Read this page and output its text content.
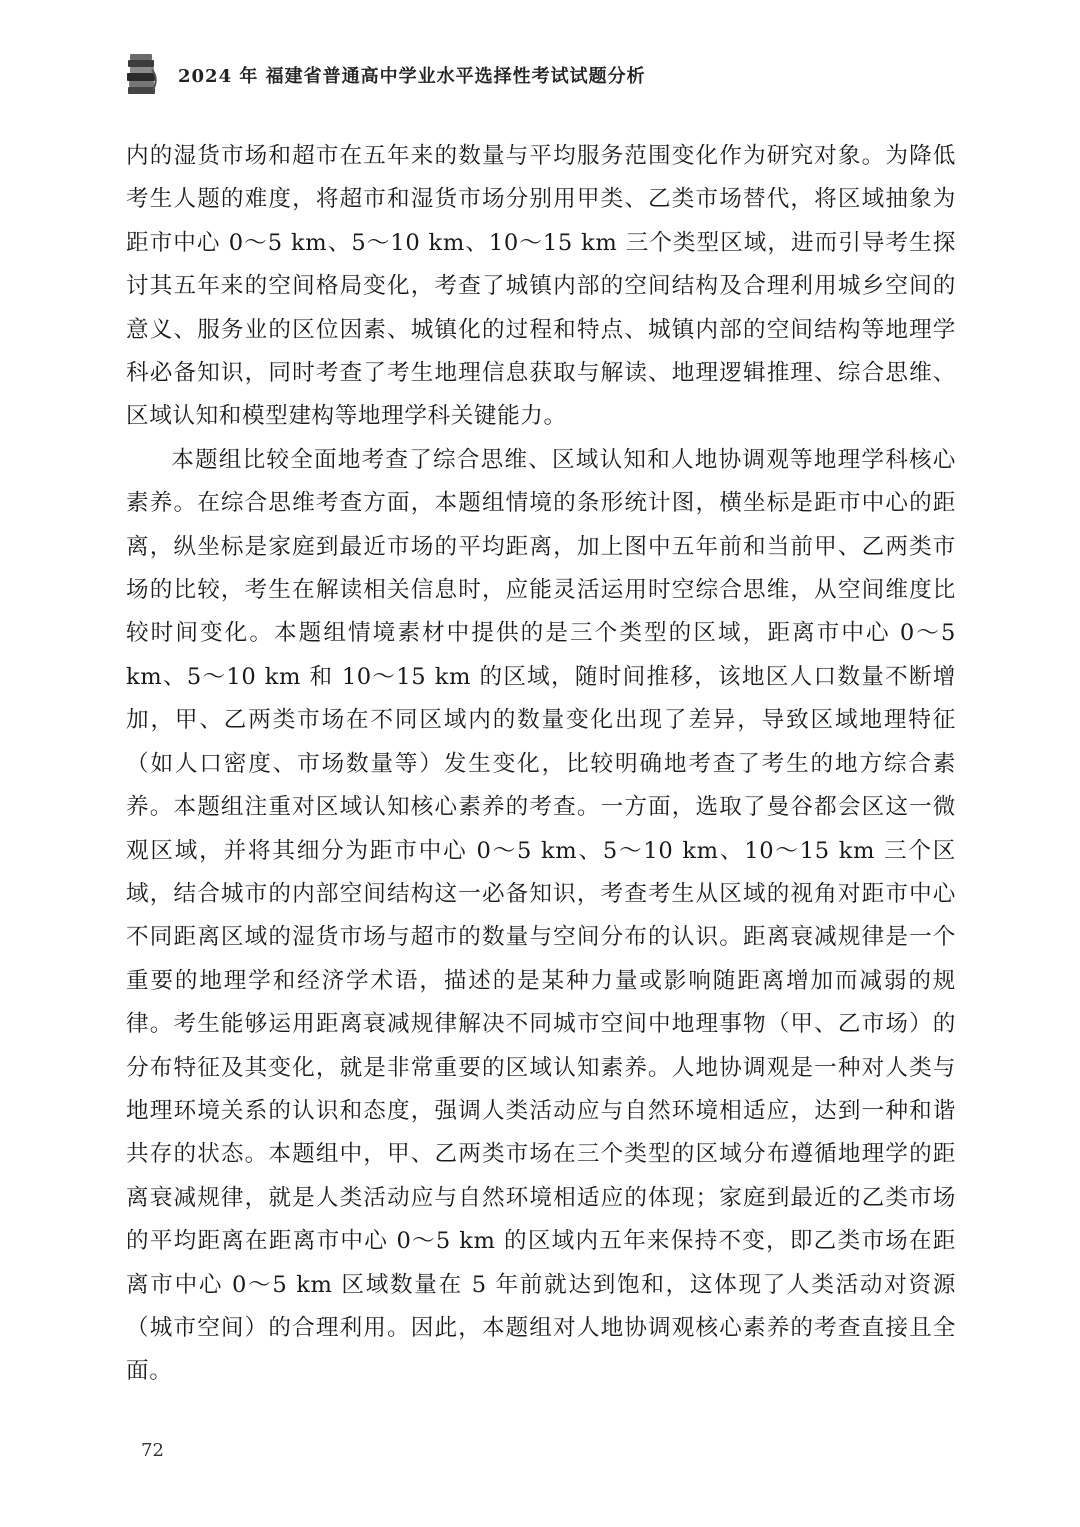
2024 年 福建省普通高中学业水平选择性考试试题分析

内的湿货市场和超市在五年来的数量与平均服务范围变化作为研究对象。为降低考生人题的难度，将超市和湿货市场分别用甲类、乙类市场替代，将区域抽象为距市中心 0～5 km、5～10 km、10～15 km 三个类型区域，进而引导考生探讨其五年来的空间格局变化，考查了城镇内部的空间结构及合理利用城乡空间的意义、服务业的区位因素、城镇化的过程和特点、城镇内部的空间结构等地理学科必备知识，同时考查了考生地理信息获取与解读、地理逻辑推理、综合思维、区域认知和模型建构等地理学科关键能力。

本题组比较全面地考查了综合思维、区域认知和人地协调观等地理学科核心素养。在综合思维考查方面，本题组情境的条形统计图，横坐标是距市中心的距离，纵坐标是家庭到最近市场的平均距离，加上图中五年前和当前甲、乙两类市场的比较，考生在解读相关信息时，应能灵活运用时空综合思维，从空间维度比较时间变化。本题组情境素材中提供的是三个类型的区域，距离市中心 0～5 km、5～10 km 和 10～15 km 的区域，随时间推移，该地区人口数量不断增加，甲、乙两类市场在不同区域内的数量变化出现了差异，导致区域地理特征（如人口密度、市场数量等）发生变化，比较明确地考查了考生的地方综合素养。本题组注重对区域认知核心素养的考查。一方面，选取了曼谷都会区这一微观区域，并将其细分为距市中心 0～5 km、5～10 km、10～15 km 三个区域，结合城市的内部空间结构这一必备知识，考查考生从区域的视角对距市中心不同距离区域的湿货市场与超市的数量与空间分布的认识。距离衰减规律是一个重要的地理学和经济学术语，描述的是某种力量或影响随距离增加而减弱的规律。考生能够运用距离衰减规律解决不同城市空间中地理事物（甲、乙市场）的分布特征及其变化，就是非常重要的区域认知素养。人地协调观是一种对人类与地理环境关系的认识和态度，强调人类活动应与自然环境相适应，达到一种和谐共存的状态。本题组中，甲、乙两类市场在三个类型的区域分布遵循地理学的距离衰减规律，就是人类活动应与自然环境相适应的体现；家庭到最近的乙类市场的平均距离在距离市中心 0～5 km 的区域内五年来保持不变，即乙类市场在距离市中心 0～5 km 区域数量在 5 年前就达到饱和，这体现了人类活动对资源（城市空间）的合理利用。因此，本题组对人地协调观核心素养的考查直接且全面。

72
